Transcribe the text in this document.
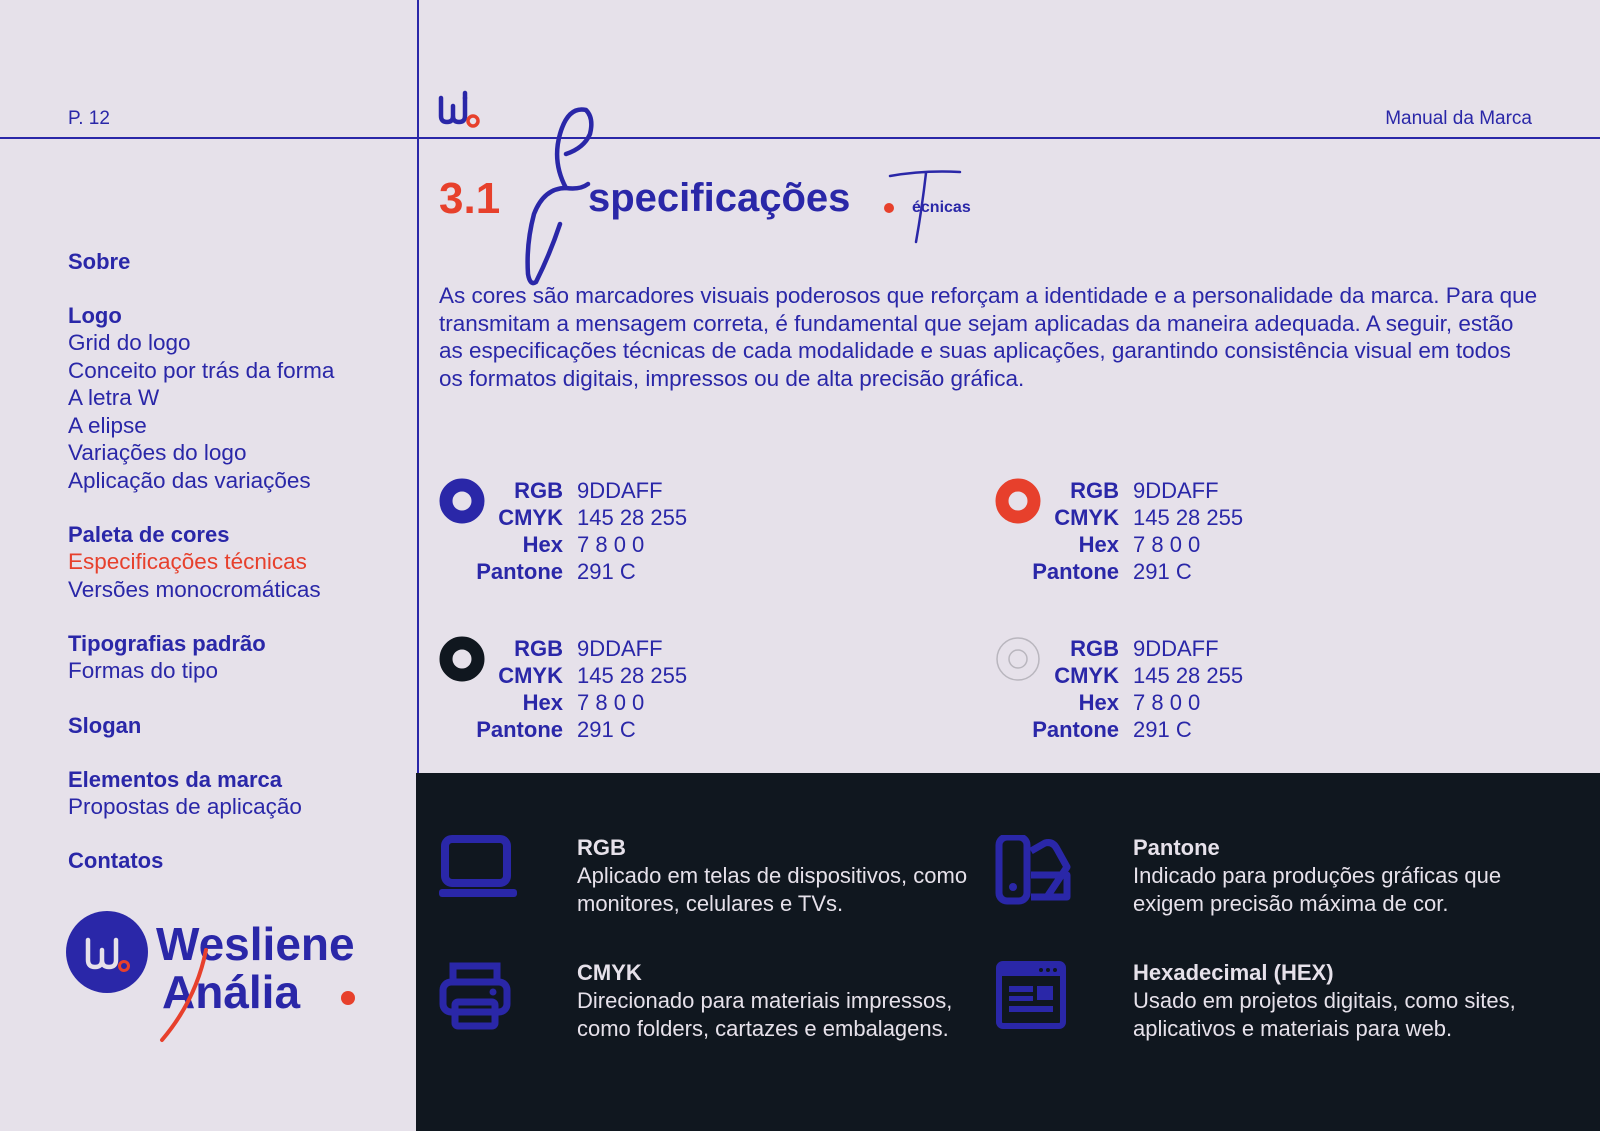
P. 12	Manual da Marca
3.1 specificações	écnicas

As cores são marcadores visuais poderosos que reforçam a identidade e a personalidade da marca. Para que transmitam a mensagem correta, é fundamental que sejam aplicadas da maneira adequada. A seguir, estão as especificações técnicas de cada modalidade e suas aplicações, garantindo consistência visual em todos os formatos digitais, impressos ou de alta precisão gráfica.

Sobre
Logo
Grid do logo
Conceito por trás da forma
A letra W
A elipse
Variações do logo
Aplicação das variações
Paleta de cores
Especificações técnicas
Versões monocromáticas
Tipografias padrão
Formas do tipo
Slogan
Elementos da marca
Propostas de aplicação
Contatos
Wesliene
Anália
RGB 9DDAFF
CMYK 145 28 255
Hex 7 8 0 0
Pantone 291 C
RGB 9DDAFF
CMYK 145 28 255
Hex 7 8 0 0
Pantone 291 C
RGB 9DDAFF
CMYK 145 28 255
Hex 7 8 0 0
Pantone 291 C
RGB 9DDAFF
CMYK 145 28 255
Hex 7 8 0 0
Pantone 291 C
RGB

Aplicado em telas de dispositivos, como monitores, celulares e TVs.

Pantone

Indicado para produções gráficas que exigem precisão máxima de cor.

CMYK

Direcionado para materiais impressos, como folders, cartazes e embalagens.

Hexadecimal (HEX)

Usado em projetos digitais, como sites, aplicativos e materiais para web.
